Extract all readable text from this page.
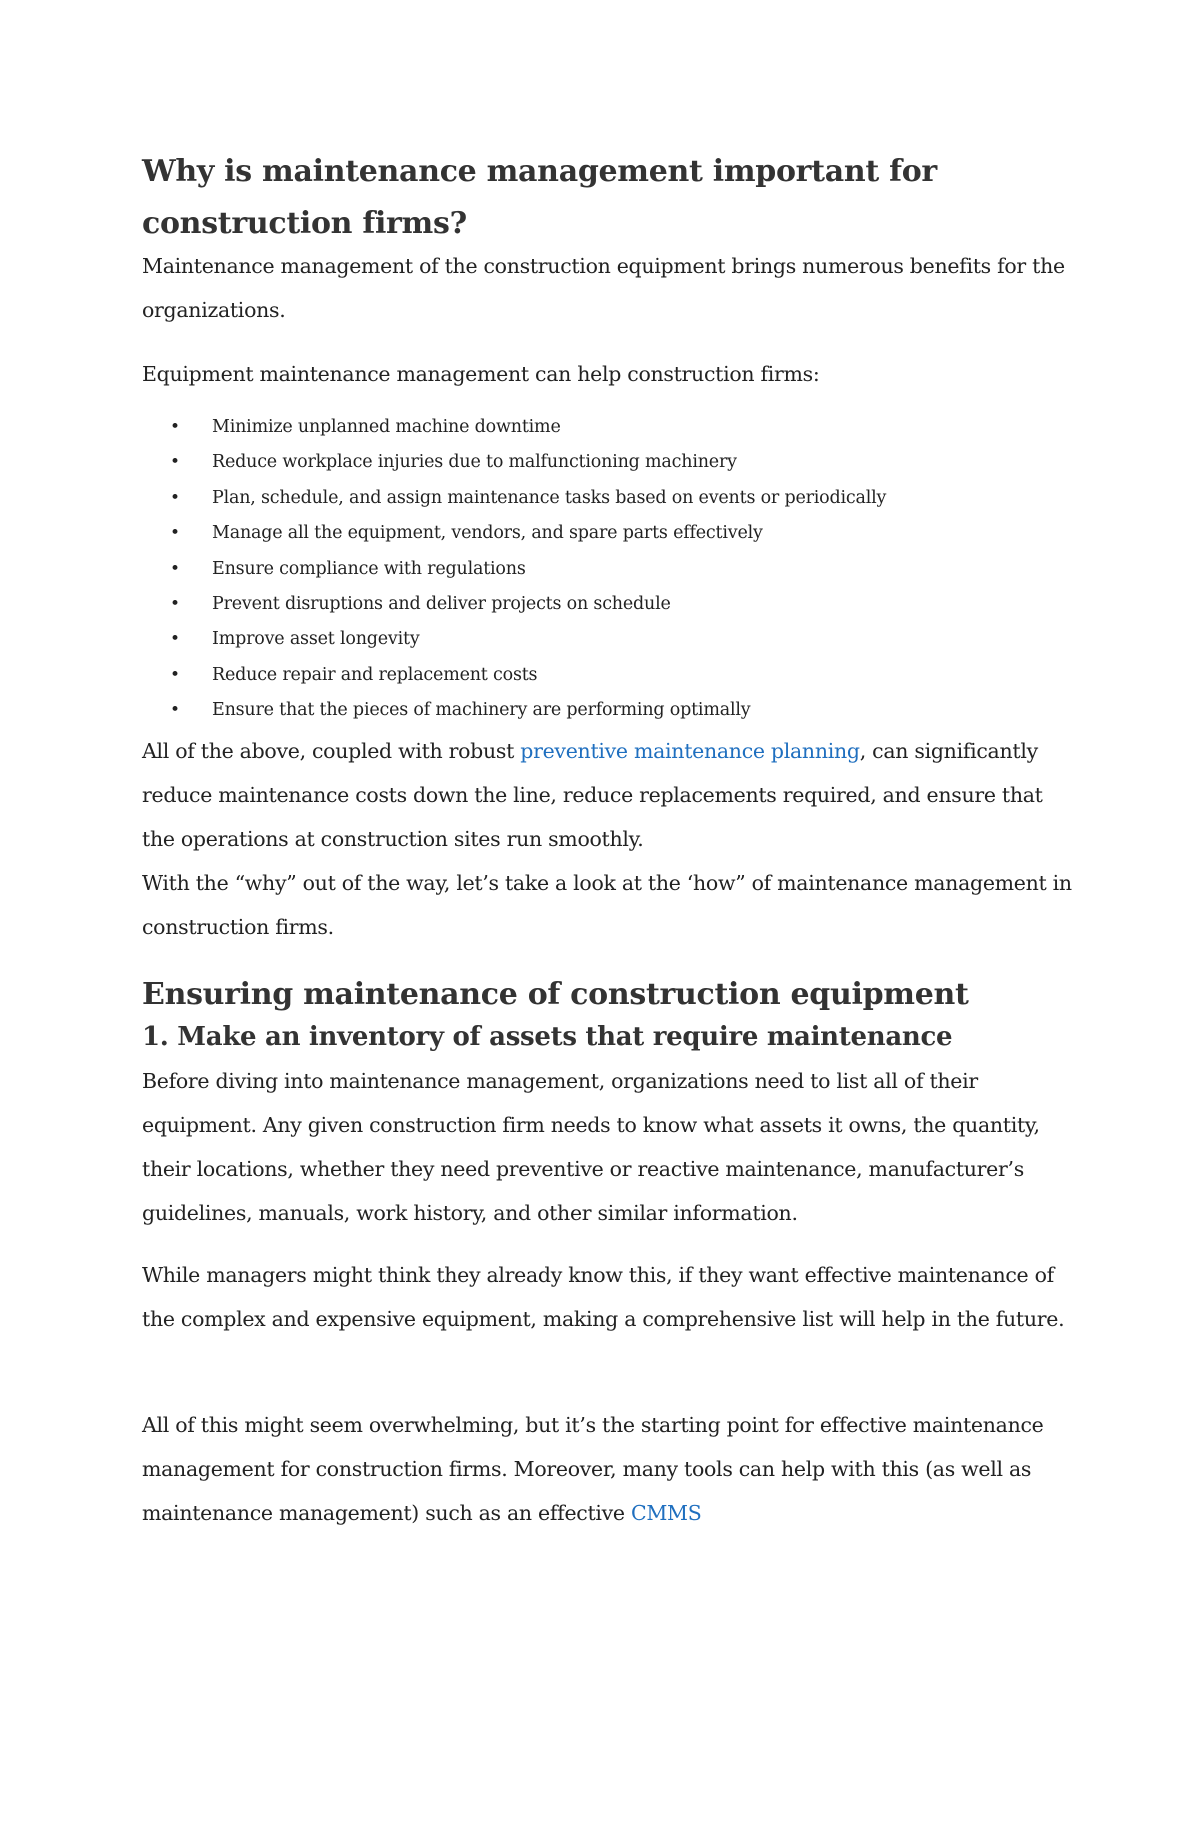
Why is maintenance management important for construction firms?

Maintenance management of the construction equipment brings numerous benefits for the organizations.

Equipment maintenance management can help construction firms:

• Minimize unplanned machine downtime
• Reduce workplace injuries due to malfunctioning machinery
• Plan, schedule, and assign maintenance tasks based on events or periodically
• Manage all the equipment, vendors, and spare parts effectively
• Ensure compliance with regulations
• Prevent disruptions and deliver projects on schedule
• Improve asset longevity
• Reduce repair and replacement costs
• Ensure that the pieces of machinery are performing optimally

All of the above, coupled with robust preventive maintenance planning, can significantly reduce maintenance costs down the line, reduce replacements required, and ensure that the operations at construction sites run smoothly.

With the “why” out of the way, let’s take a look at the ‘how” of maintenance management in construction firms.

Ensuring maintenance of construction equipment
1. Make an inventory of assets that require maintenance

Before diving into maintenance management, organizations need to list all of their equipment. Any given construction firm needs to know what assets it owns, the quantity, their locations, whether they need preventive or reactive maintenance, manufacturer’s guidelines, manuals, work history, and other similar information.

While managers might think they already know this, if they want effective maintenance of the complex and expensive equipment, making a comprehensive list will help in the future.

All of this might seem overwhelming, but it’s the starting point for effective maintenance management for construction firms. Moreover, many tools can help with this (as well as maintenance management) such as an effective CMMS
